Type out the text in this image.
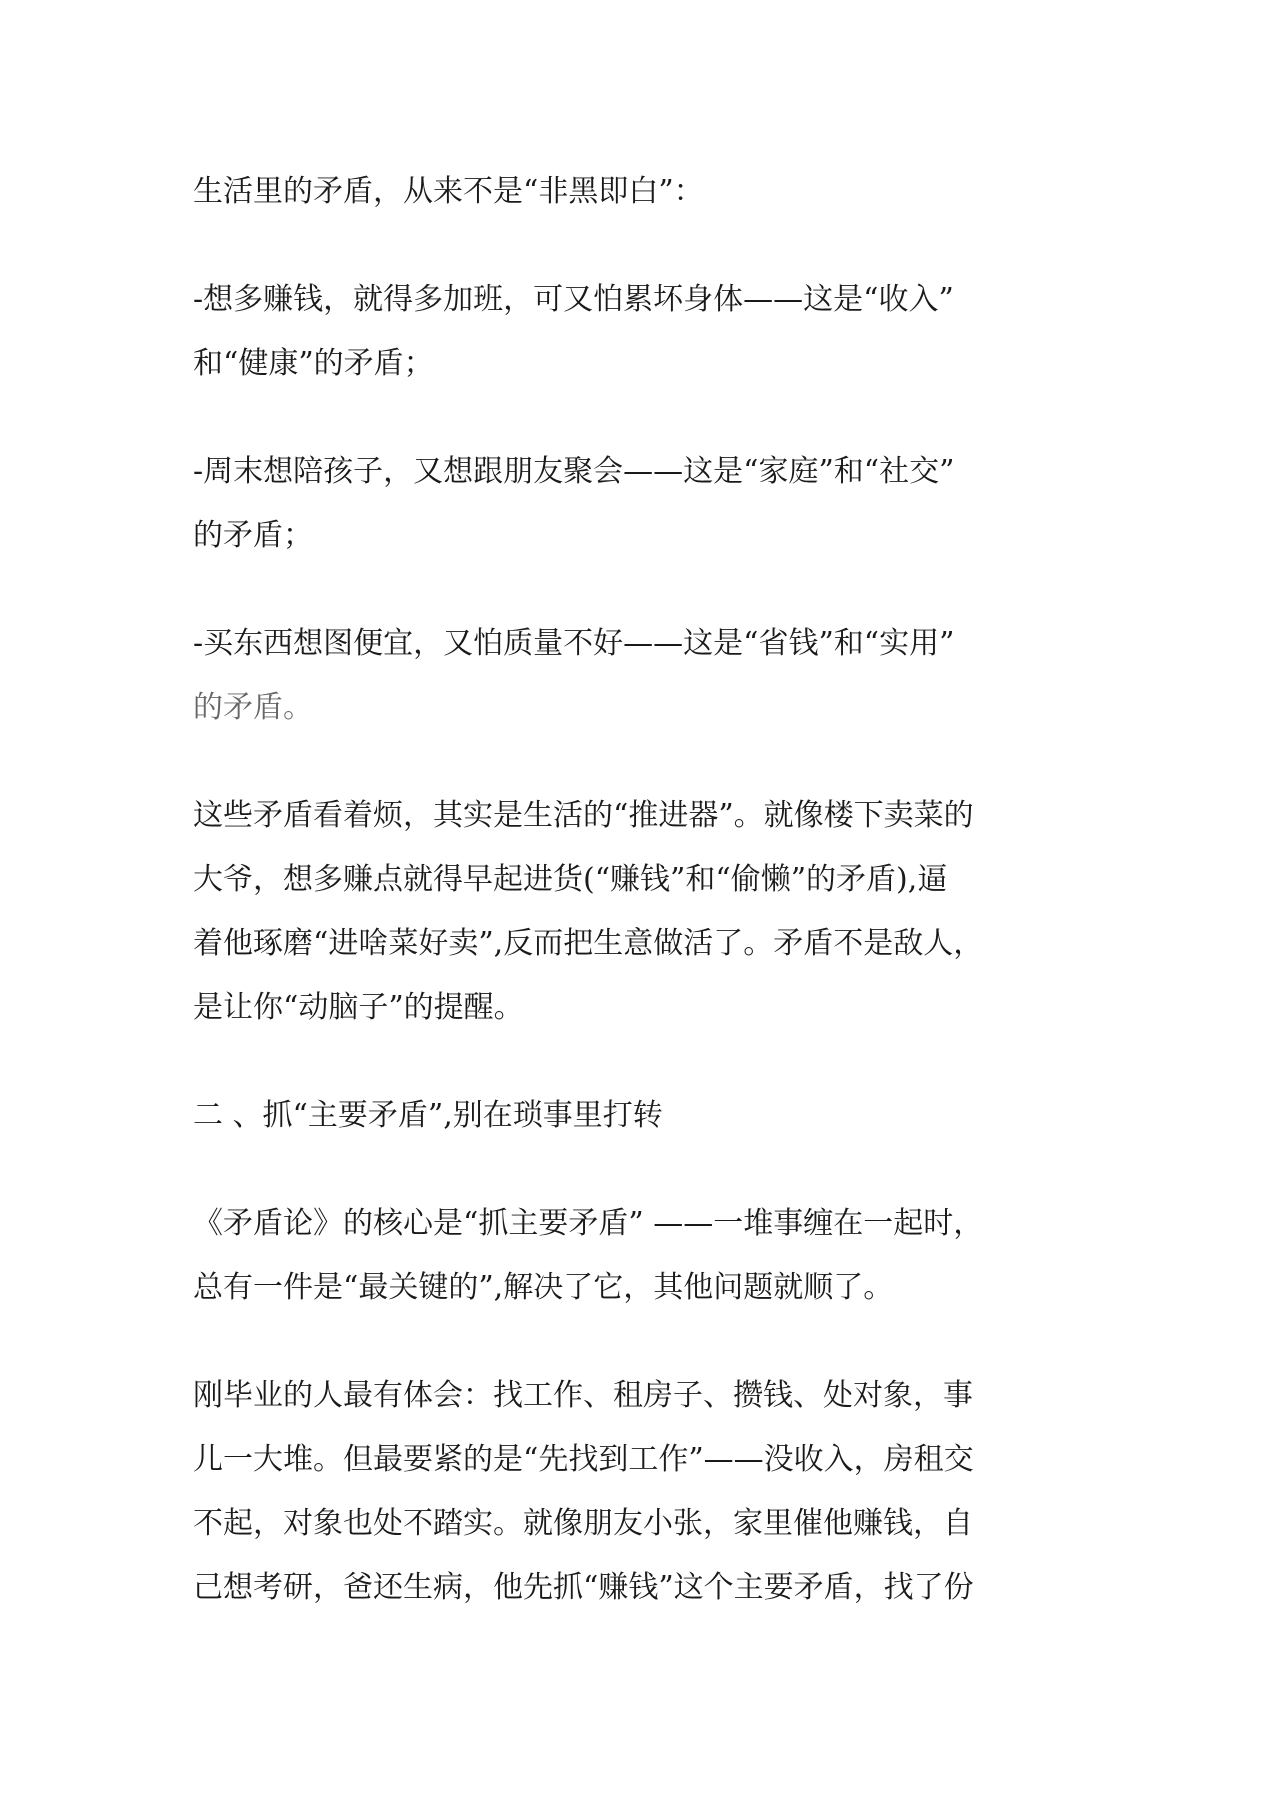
生活里的矛盾，从来不是“非黑即白”：
-想多赚钱，就得多加班，可又怕累坏身体——这是“收入”
和“健康”的矛盾；
-周末想陪孩子，又想跟朋友聚会——这是“家庭”和“社交”
的矛盾；
-买东西想图便宜，又怕质量不好——这是“省钱”和“实用”
的矛盾。
这些矛盾看着烦，其实是生活的“推进器”。就像楼下卖菜的
大爷，想多赚点就得早起进货(“赚钱”和“偷懒”的矛盾),逼
着他琢磨“进啥菜好卖”,反而把生意做活了。矛盾不是敌人，
是让你“动脑子”的提醒。
二 、抓“主要矛盾”,别在琐事里打转
《矛盾论》的核心是“抓主要矛盾” ——一堆事缠在一起时，
总有一件是“最关键的”,解决了它，其他问题就顺了。
刚毕业的人最有体会：找工作、租房子、攒钱、处对象，事
儿一大堆。但最要紧的是“先找到工作”——没收入，房租交
不起，对象也处不踏实。就像朋友小张，家里催他赚钱，自
己想考研，爸还生病，他先抓“赚钱”这个主要矛盾，找了份
